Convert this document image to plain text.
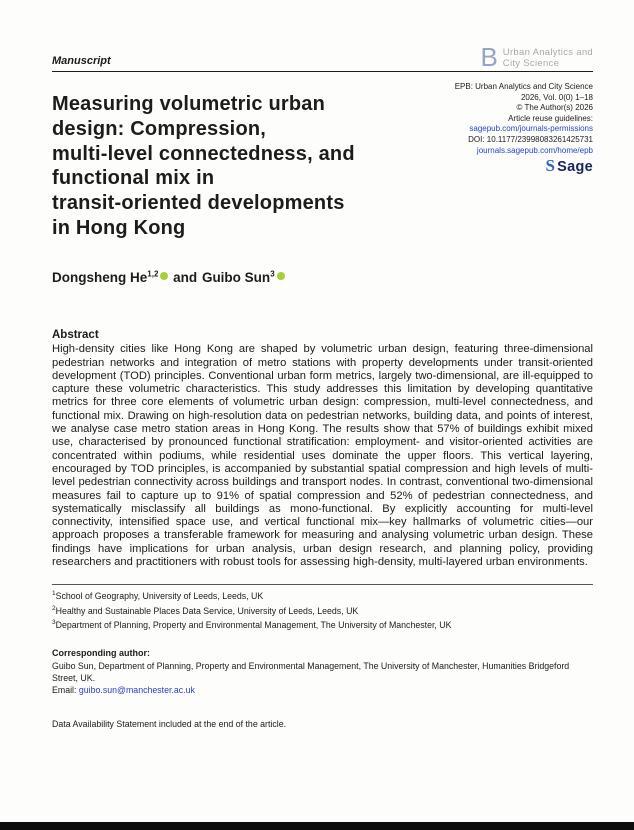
Manuscript	B Urban Analytics and
City Science
Measuring volumetric urban
design: Compression,
multi-level connectedness, and
functional mix in
transit-oriented developments
in Hong Kong
Dongsheng He$^{1,2}$ and Guibo Sun$^3$
EPB: Urban Analytics and City Science
2026, Vol. 0(0) 1–18
© The Author(s) 2026
Article reuse guidelines:
sagepub.com/journals-permissions
DOI: 10.1177/23998083261425731
journals.sagepub.com/home/epb
S Sage
Abstract

High-density cities like Hong Kong are shaped by volumetric urban design, featuring three-dimensional pedestrian networks and integration of metro stations with property developments under transit-oriented development (TOD) principles. Conventional urban form metrics, largely two-dimensional, are ill-equipped to capture these volumetric characteristics. This study addresses this limitation by developing quantitative metrics for three core elements of volumetric urban design: compression, multi-level connectedness, and functional mix. Drawing on high-resolution data on pedestrian networks, building data, and points of interest, we analyse case metro station areas in Hong Kong. The results show that 57% of buildings exhibit mixed use, characterised by pronounced functional stratification: employment- and visitor-oriented activities are concentrated within podiums, while residential uses dominate the upper floors. This vertical layering, encouraged by TOD principles, is accompanied by substantial spatial compression and high levels of multi-level pedestrian connectivity across buildings and transport nodes. In contrast, conventional two-dimensional measures fail to capture up to 91% of spatial compression and 52% of pedestrian connectedness, and systematically misclassify all buildings as mono-functional. By explicitly accounting for multi-level connectivity, intensified space use, and vertical functional mix—key hallmarks of volumetric cities—our approach proposes a transferable framework for measuring and analysing volumetric urban design. These findings have implications for urban analysis, urban design research, and planning policy, providing researchers and practitioners with robust tools for assessing high-density, multi-layered urban environments.

$^1$School of Geography, University of Leeds, Leeds, UK
$^2$Healthy and Sustainable Places Data Service, University of Leeds, Leeds, UK
$^3$Department of Planning, Property and Environmental Management, The University of Manchester, UK
Corresponding author:
Guibo Sun, Department of Planning, Property and Environmental Management, The University of Manchester, Humanities Bridgeford Street, UK.
Email: guibo.sun@manchester.ac.uk
Data Availability Statement included at the end of the article.
